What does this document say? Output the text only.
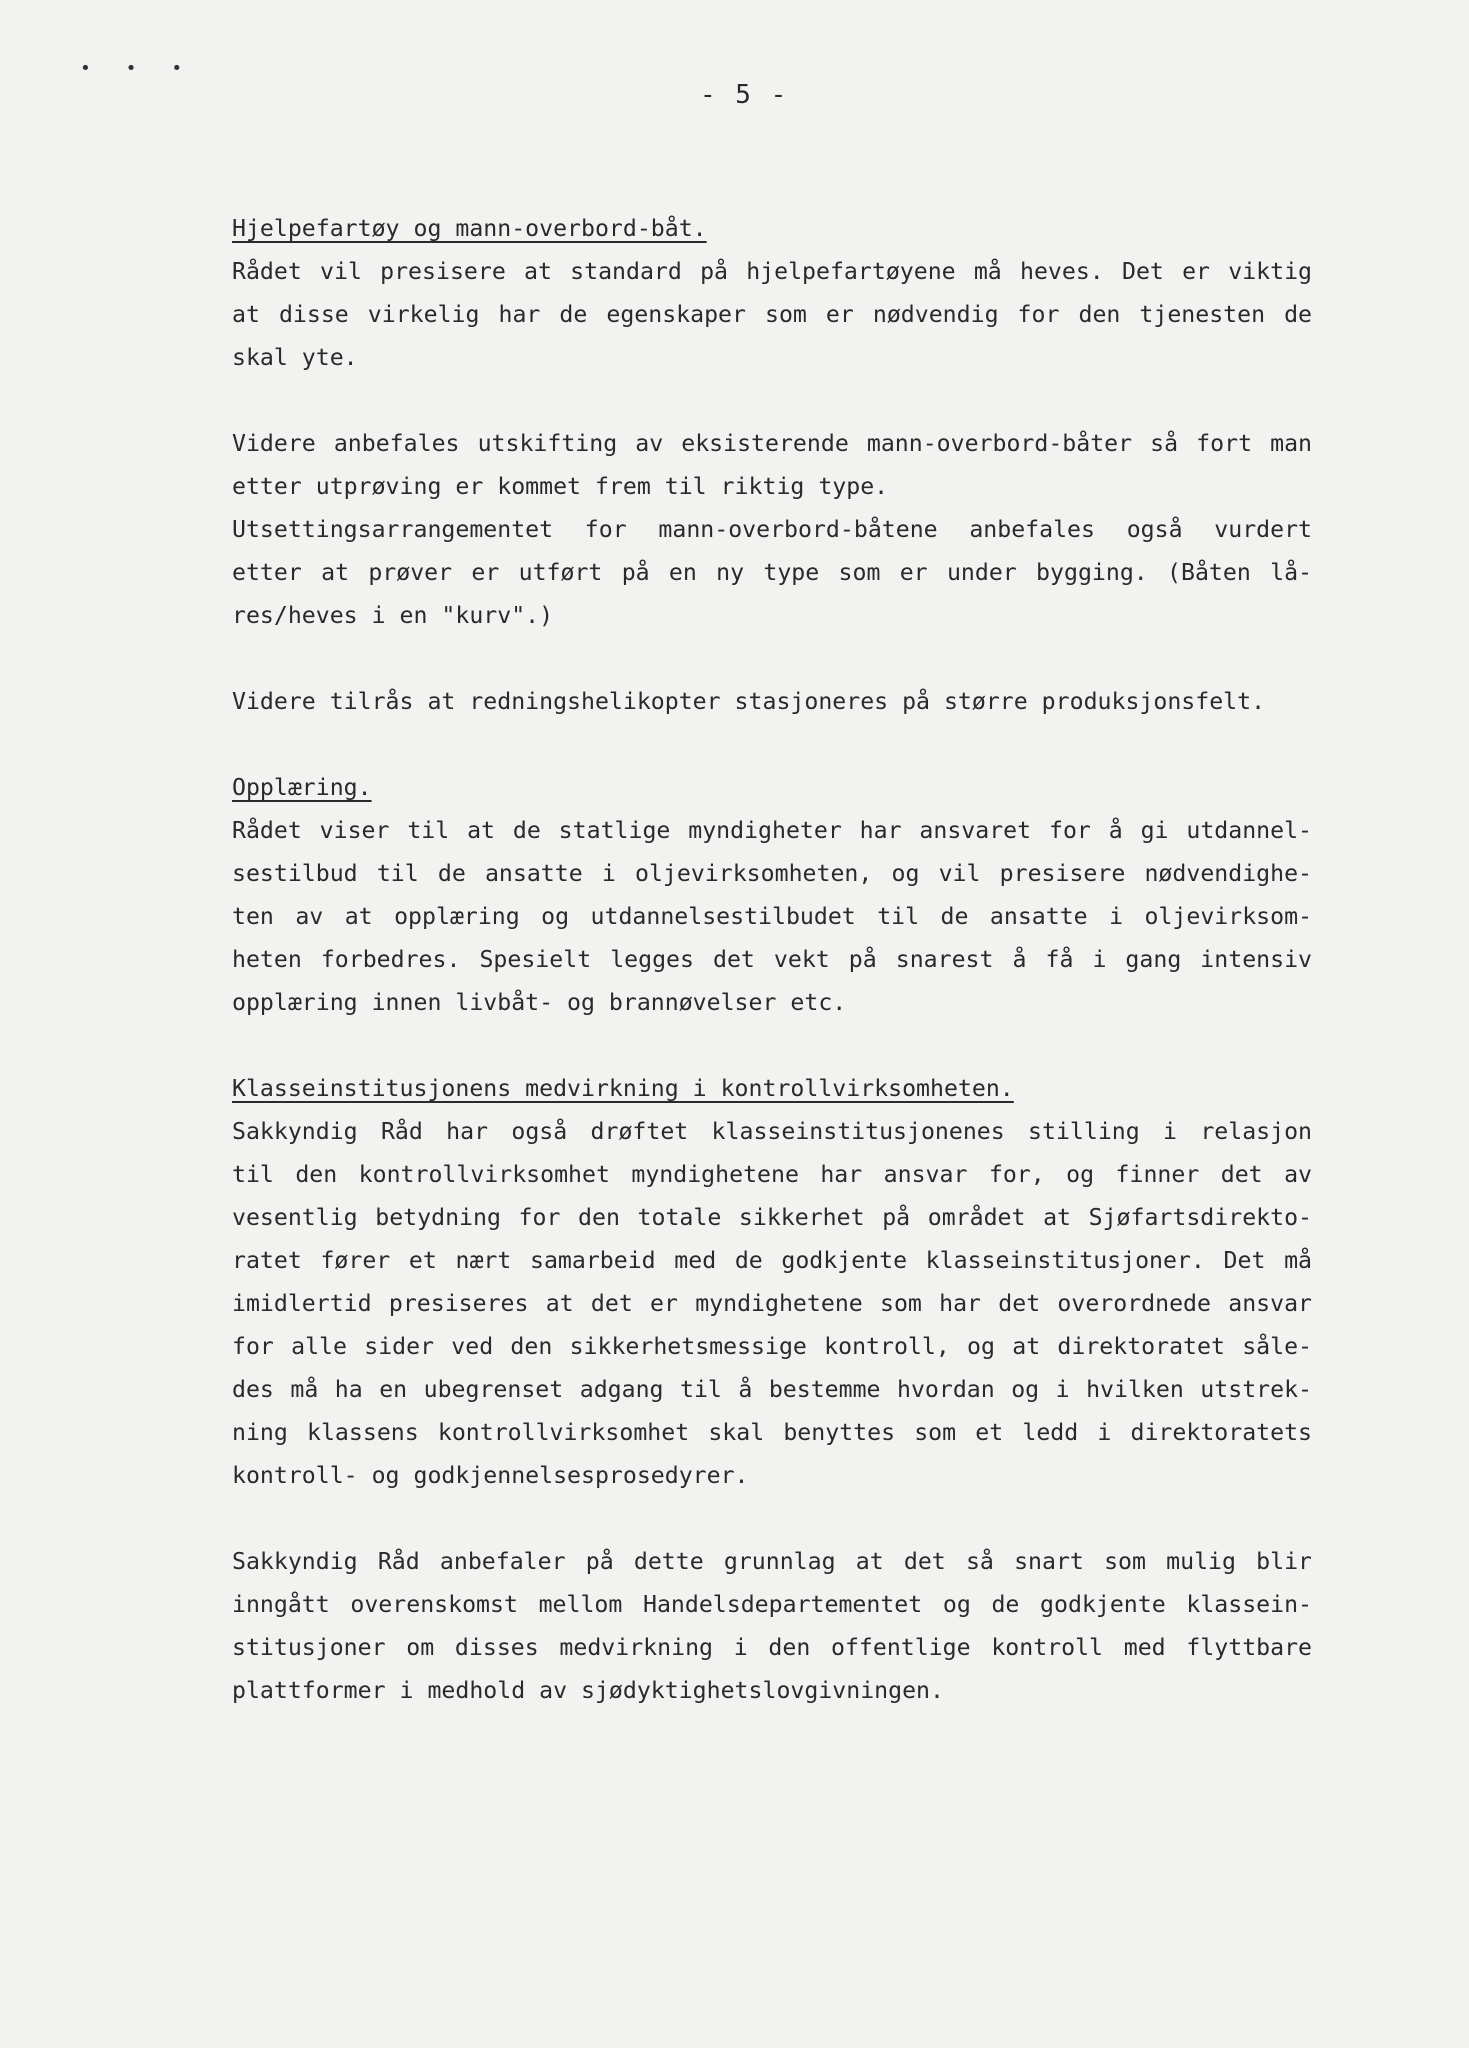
• • •
- 5 -
Hjelpefartøy og mann-overbord-båt.
Rådet vil presisere at standard på hjelpefartøyene må heves. Det er viktig
at disse virkelig har de egenskaper som er nødvendig for den tjenesten de
skal yte.
Videre anbefales utskifting av eksisterende mann-overbord-båter så fort man
etter utprøving er kommet frem til riktig type.
Utsettingsarrangementet for mann-overbord-båtene anbefales også vurdert
etter at prøver er utført på en ny type som er under bygging. (Båten lå-
res/heves i en "kurv".)
Videre tilrås at redningshelikopter stasjoneres på større produksjonsfelt.
Opplæring.
Rådet viser til at de statlige myndigheter har ansvaret for å gi utdannel-
sestilbud til de ansatte i oljevirksomheten, og vil presisere nødvendighe-
ten av at opplæring og utdannelsestilbudet til de ansatte i oljevirksom-
heten forbedres. Spesielt legges det vekt på snarest å få i gang intensiv
opplæring innen livbåt- og brannøvelser etc.
Klasseinstitusjonens medvirkning i kontrollvirksomheten.
Sakkyndig Råd har også drøftet klasseinstitusjonenes stilling i relasjon
til den kontrollvirksomhet myndighetene har ansvar for, og finner det av
vesentlig betydning for den totale sikkerhet på området at Sjøfartsdirekto-
ratet fører et nært samarbeid med de godkjente klasseinstitusjoner. Det må
imidlertid presiseres at det er myndighetene som har det overordnede ansvar
for alle sider ved den sikkerhetsmessige kontroll, og at direktoratet såle-
des må ha en ubegrenset adgang til å bestemme hvordan og i hvilken utstrek-
ning klassens kontrollvirksomhet skal benyttes som et ledd i direktoratets
kontroll- og godkjennelsesprosedyrer.
Sakkyndig Råd anbefaler på dette grunnlag at det så snart som mulig blir
inngått overenskomst mellom Handelsdepartementet og de godkjente klassein-
stitusjoner om disses medvirkning i den offentlige kontroll med flyttbare
plattformer i medhold av sjødyktighetslovgivningen.
